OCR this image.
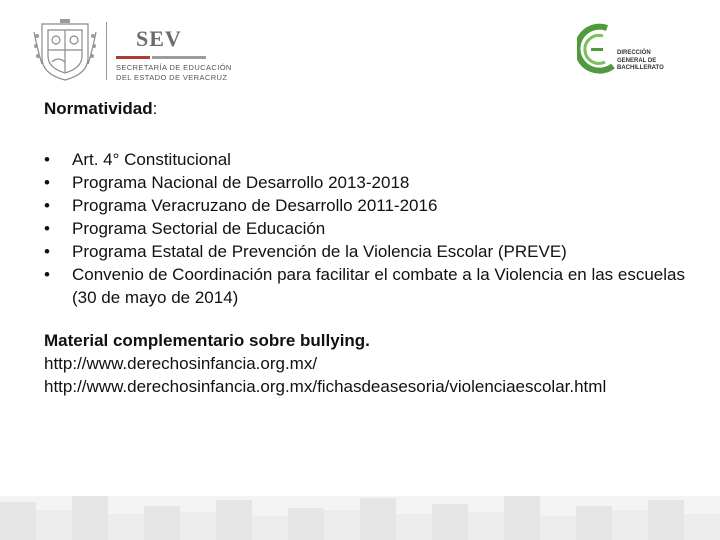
SEV
SECRETARÍA DE EDUCACIÓN
DEL ESTADO DE VERACRUZ
DIRECCIÓN
GENERAL DE
BACHILLERATO
Normatividad:
• Art. 4° Constitucional
• Programa Nacional de Desarrollo 2013-2018
• Programa Veracruzano de Desarrollo 2011-2016
• Programa Sectorial de Educación
• Programa Estatal de Prevención de la Violencia Escolar (PREVE)
• Convenio de Coordinación para facilitar el combate a la Violencia en las escuelas (30 de mayo de 2014)
Material complementario sobre bullying.
http://www.derechosinfancia.org.mx/
http://www.derechosinfancia.org.mx/fichasdeasesoria/violenciaescolar.html
